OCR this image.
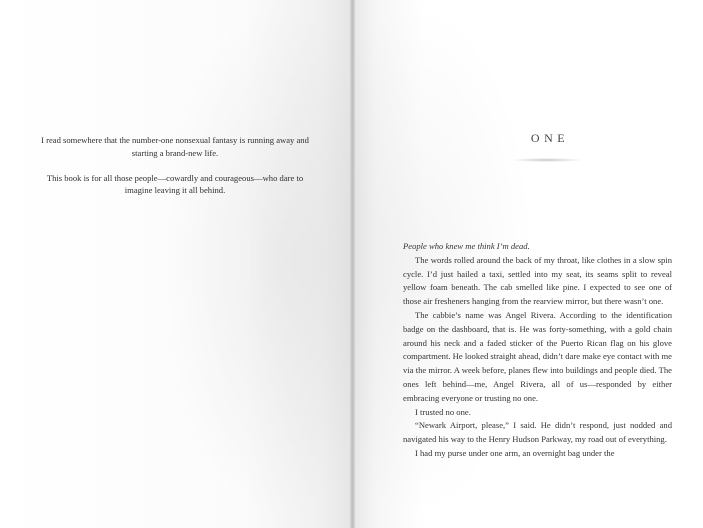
I read somewhere that the number-one nonsexual fantasy is running away and starting a brand-new life.

This book is for all those people—cowardly and courageous—who dare to imagine leaving it all behind.

ONE

People who knew me think I’m dead.

The words rolled around the back of my throat, like clothes in a slow spin cycle. I’d just hailed a taxi, settled into my seat, its seams split to reveal yellow foam beneath. The cab smelled like pine. I expected to see one of those air fresheners hanging from the rearview mirror, but there wasn’t one.

The cabbie’s name was Angel Rivera. According to the identification badge on the dashboard, that is. He was forty-something, with a gold chain around his neck and a faded sticker of the Puerto Rican flag on his glove compartment. He looked straight ahead, didn’t dare make eye contact with me via the mirror. A week before, planes flew into buildings and people died. The ones left behind—me, Angel Rivera, all of us—responded by either embracing everyone or trusting no one.

I trusted no one.

“Newark Airport, please,” I said. He didn’t respond, just nodded and navigated his way to the Henry Hudson Parkway, my road out of everything.

I had my purse under one arm, an overnight bag under the
